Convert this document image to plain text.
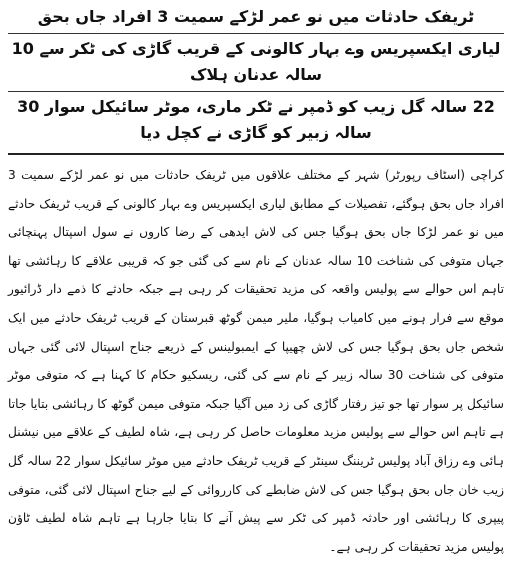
ٹریفک حادثات میں نو عمر لڑکے سمیت 3 افراد جاں بحق
لیاری ایکسپریس وے بہار کالونی کے قریب گاڑی کی ٹکر سے 10 سالہ عدنان ہلاک
22 سالہ گل زیب کو ڈمپر نے ٹکر ماری، موٹر سائیکل سوار 30 سالہ زبیر کو گاڑی نے کچل دیا

کراچی (اسٹاف رپورٹر) شہر کے مختلف علاقوں میں ٹریفک حادثات میں نو عمر لڑکے سمیت 3 افراد جاں بحق ہوگئے، تفصیلات کے مطابق لیاری ایکسپریس وے بہار کالونی کے قریب ٹریفک حادثے میں نو عمر لڑکا جاں بحق ہوگیا جس کی لاش ایدھی کے رضا کاروں نے سول اسپتال پہنچائی جہاں متوفی کی شناخت 10 سالہ عدنان کے نام سے کی گئی جو کہ قریبی علاقے کا رہائشی تھا تاہم اس حوالے سے پولیس واقعہ کی مزید تحقیقات کر رہی ہے جبکہ حادثے کا ذمے دار ڈرائیور موقع سے فرار ہونے میں کامیاب ہوگیا، ملیر میمن گوٹھ قبرستان کے قریب ٹریفک حادثے میں ایک شخص جاں بحق ہوگیا جس کی لاش چھیپا کے ایمبولینس کے ذریعے جناح اسپتال لائی گئی جہاں متوفی کی شناخت 30 سالہ زبیر کے نام سے کی گئی، ریسکیو حکام کا کہنا ہے کہ متوفی موٹر سائیکل پر سوار تھا جو تیز رفتار گاڑی کی زد میں آگیا جبکہ متوفی میمن گوٹھ کا رہائشی بتایا جاتا ہے تاہم اس حوالے سے پولیس مزید معلومات حاصل کر رہی ہے، شاہ لطیف کے علاقے میں نیشنل ہائی وے رزاق آباد پولیس ٹریننگ سینٹر کے قریب ٹریفک حادثے میں موٹر سائیکل سوار 22 سالہ گل زیب خان جاں بحق ہوگیا جس کی لاش ضابطے کی کارروائی کے لیے جناح اسپتال لائی گئی، متوفی پیپری کا رہائشی اور حادثہ ڈمپر کی ٹکر سے پیش آنے کا بتایا جارہا ہے تاہم شاہ لطیف ٹاؤن پولیس مزید تحقیقات کر رہی ہے۔
